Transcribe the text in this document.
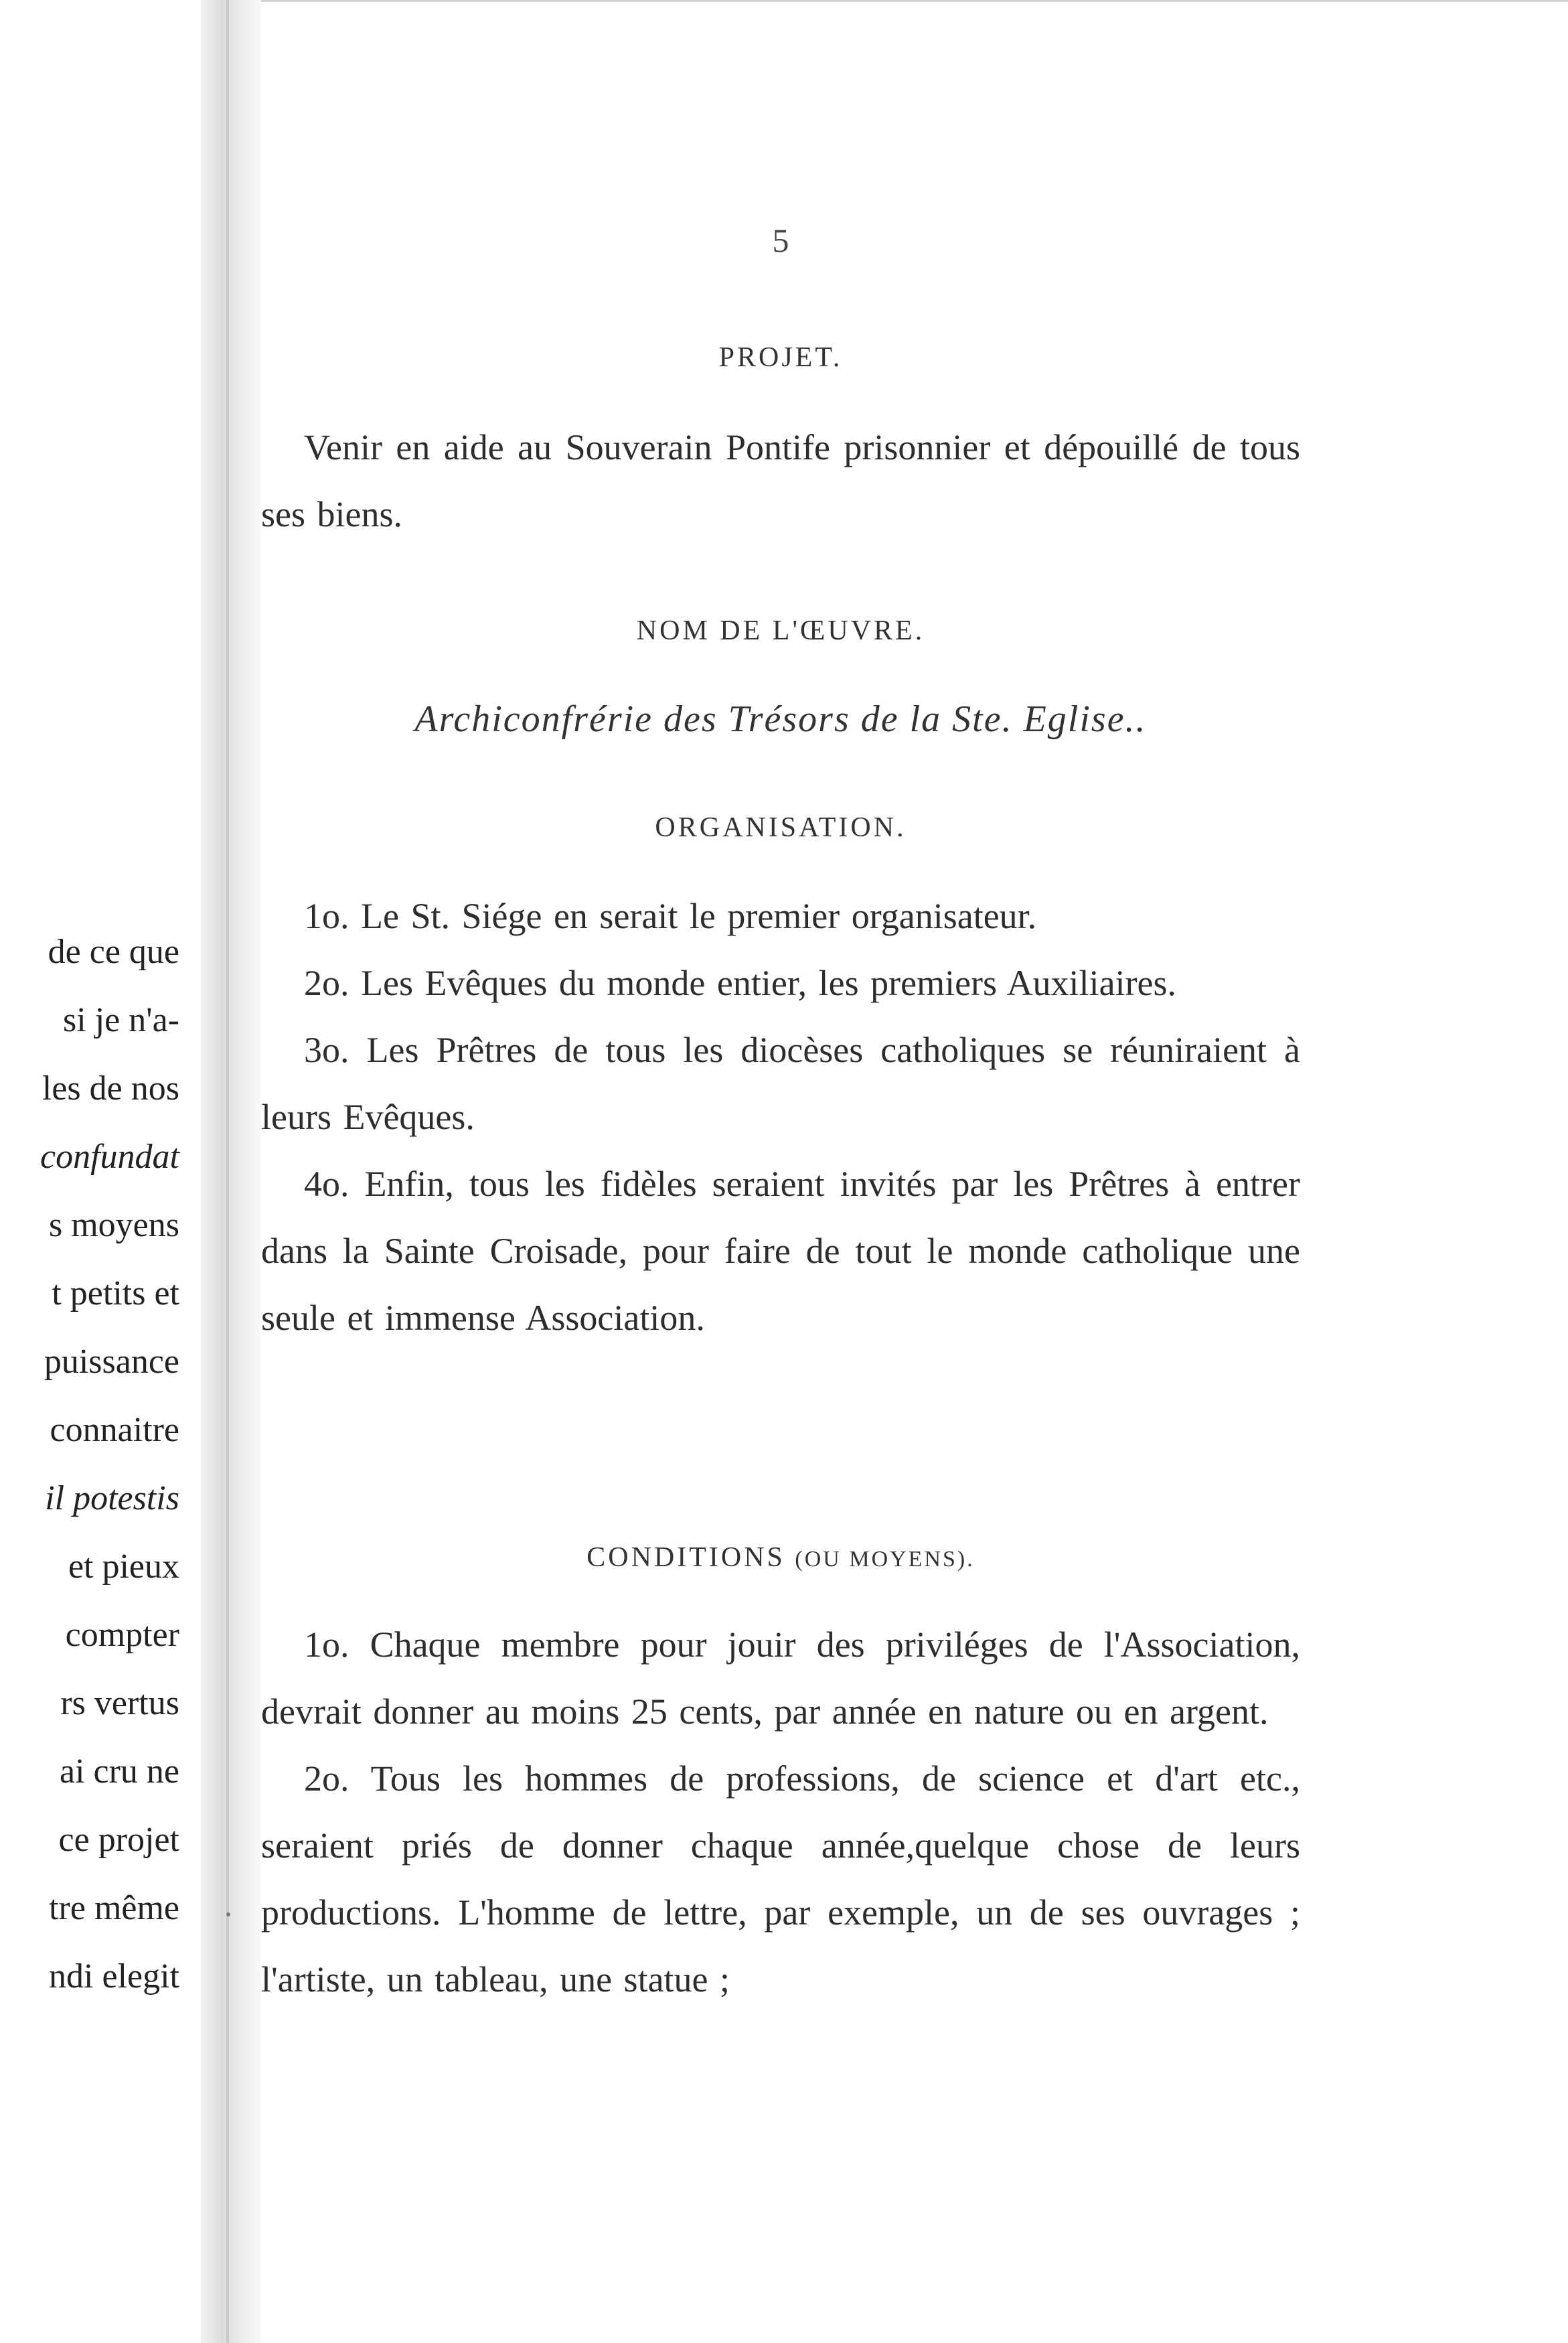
de ce que
si je n'a-
les de nos
confundat
s moyens
t petits et
puissance
connaitre
il potestis
et pieux
compter
rs vertus
ai cru ne
ce projet
tre même
ndi elegit
5
PROJET.

Venir en aide au Souverain Pontife prisonnier et dépouillé de tous ses biens.

NOM DE L'ŒUVRE.
Archiconfrérie des Trésors de la Ste. Eglise..
ORGANISATION.

1o. Le St. Siége en serait le premier organisateur.

2o. Les Evêques du monde entier, les premiers Auxiliaires.

3o. Les Prêtres de tous les diocèses catholiques se réuniraient à leurs Evêques.

4o. Enfin, tous les fidèles seraient invités par les Prêtres à entrer dans la Sainte Croisade, pour faire de tout le monde catholique une seule et immense Association.

CONDITIONS (OU MOYENS).

1o. Chaque membre pour jouir des priviléges de l'Association, devrait donner au moins 25 cents, par année en nature ou en argent.

2o. Tous les hommes de professions, de science et d'art etc., seraient priés de donner chaque année,quelque chose de leurs productions. L'homme de lettre, par exemple, un de ses ouvrages ; l'artiste, un tableau, une statue ;
